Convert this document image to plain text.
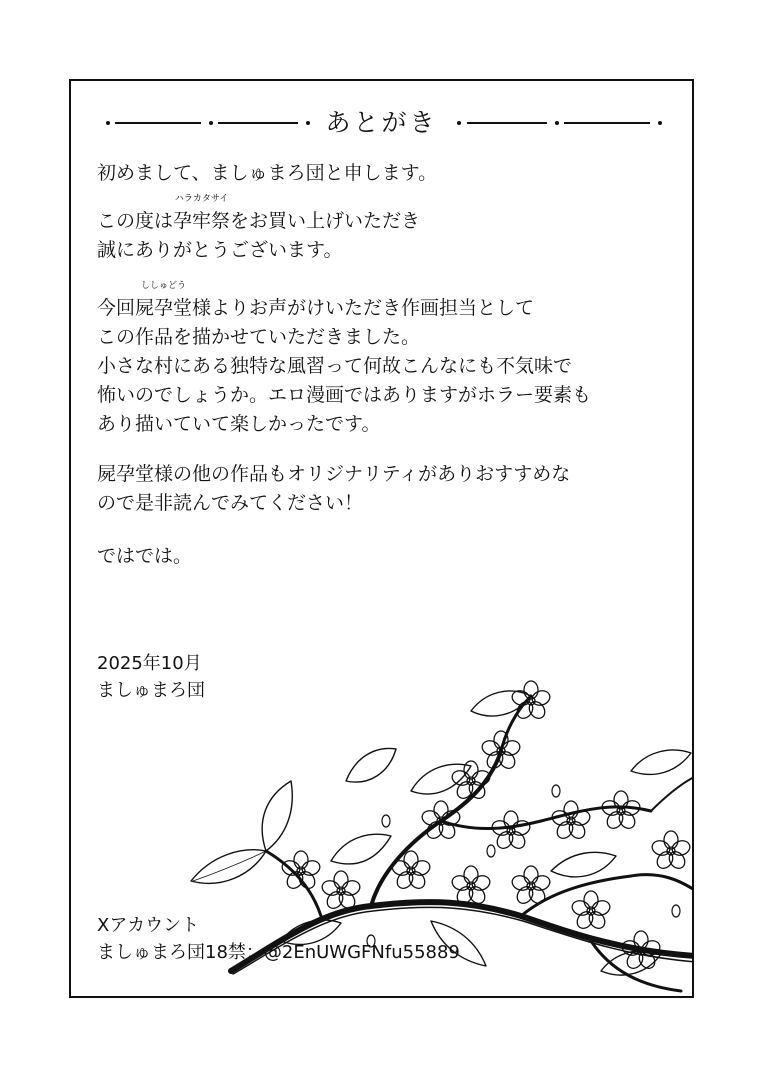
あとがき
初めまして、ましゅまろ団と申します。
この度は
ハラカタサイ
孕牢祭をお買い上げいただき
誠にありがとうございます。
今回
ししゅどう
屍孕堂様よりお声がけいただき作画担当として
この作品を描かせていただきました。
小さな村にある独特な風習って何故こんなにも不気味で
怖いのでしょうか。エロ漫画ではありますがホラー要素も
あり描いていて楽しかったです。
屍孕堂様の他の作品もオリジナリティがありおすすめな
ので是非読んでみてください！
ではでは。
2025年10月
ましゅまろ団
Xアカウント
ましゅまろ団18禁：@2EnUWGFNfu55889
